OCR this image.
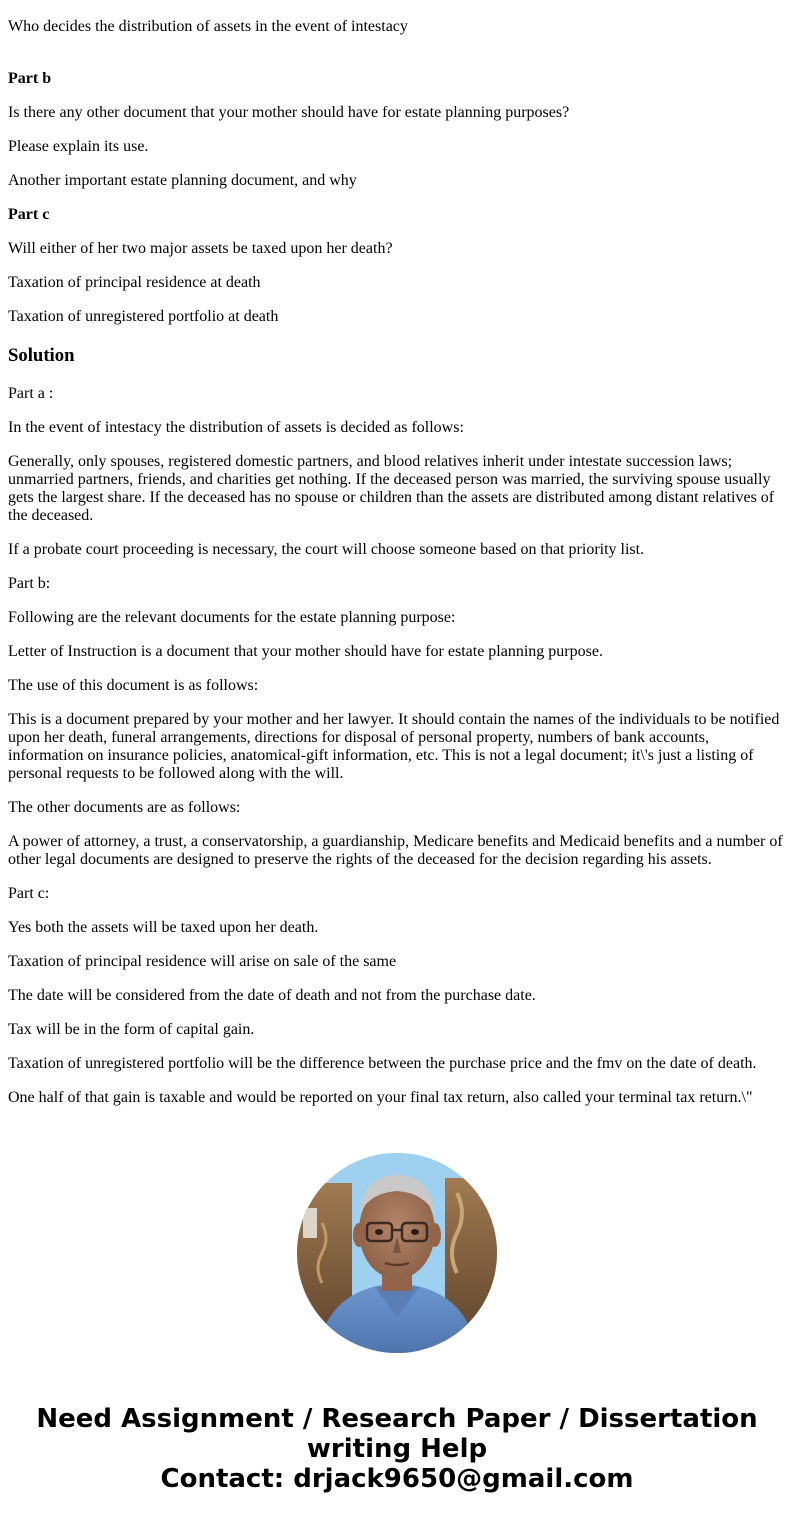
Who decides the distribution of assets in the event of intestacy

Part b

Is there any other document that your mother should have for estate planning purposes?

Please explain its use.

Another important estate planning document, and why

Part c

Will either of her two major assets be taxed upon her death?

Taxation of principal residence at death

Taxation of unregistered portfolio at death

Solution

Part a :

In the event of intestacy the distribution of assets is decided as follows:

Generally, only spouses, registered domestic partners, and blood relatives inherit under intestate succession laws; unmarried partners, friends, and charities get nothing. If the deceased person was married, the surviving spouse usually gets the largest share. If the deceased has no spouse or children than the assets are distributed among distant relatives of the deceased.

If a probate court proceeding is necessary, the court will choose someone based on that priority list.

Part b:

Following are the relevant documents for the estate planning purpose:

Letter of Instruction is a document that your mother should have for estate planning purpose.

The use of this document is as follows:

This is a document prepared by your mother and her lawyer. It should contain the names of the individuals to be notified upon her death, funeral arrangements, directions for disposal of personal property, numbers of bank accounts, information on insurance policies, anatomical-gift information, etc. This is not a legal document; it\'s just a listing of personal requests to be followed along with the will.

The other documents are as follows:

A power of attorney, a trust, a conservatorship, a guardianship, Medicare benefits and Medicaid benefits and a number of other legal documents are designed to preserve the rights of the deceased for the decision regarding his assets.

Part c:

Yes both the assets will be taxed upon her death.

Taxation of principal residence will arise on sale of the same

The date will be considered from the date of death and not from the purchase date.

Tax will be in the form of capital gain.

Taxation of unregistered portfolio will be the difference between the purchase price and the fmv on the date of death.

One half of that gain is taxable and would be reported on your final tax return, also called your terminal tax return.\"

Need Assignment / Research Paper / Dissertation
writing Help
Contact: drjack9650@gmail.com
